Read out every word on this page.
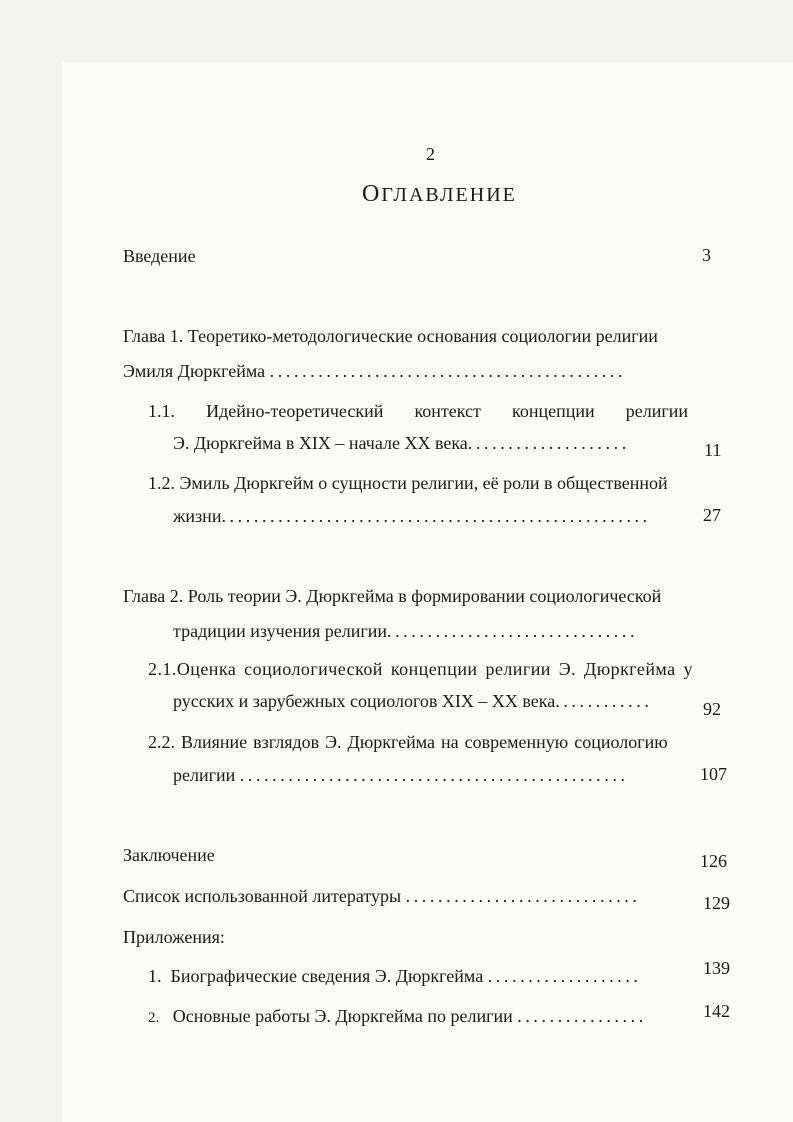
2
ОГЛАВЛЕНИЕ
Введение	3
Глава 1. Теоретико-методологические основания социологии религии
Эмиля Дюркгейма ............................................
1.1. Идейно-теоретический контекст концепции религии
Э. Дюркгейма в XIX – начале XX века....................	11
1.2. Эмиль Дюркгейм о сущности религии, её роли в общественной
жизни.....................................................	27
Глава 2. Роль теории Э. Дюркгейма в формировании социологической
традиции изучения религии...............................
2.1.Оценка социологической концепции религии Э. Дюркгейма у
русских и зарубежных социологов XIX – XX века............	92
2.2. Влияние взглядов Э. Дюркгейма на современную социологию
религии ................................................	107
Заключение	126
Список использованной литературы .............................	129
Приложения:
1. Биографические сведения Э. Дюркгейма ...................	139
2. Основные работы Э. Дюркгейма по религии ................	142
